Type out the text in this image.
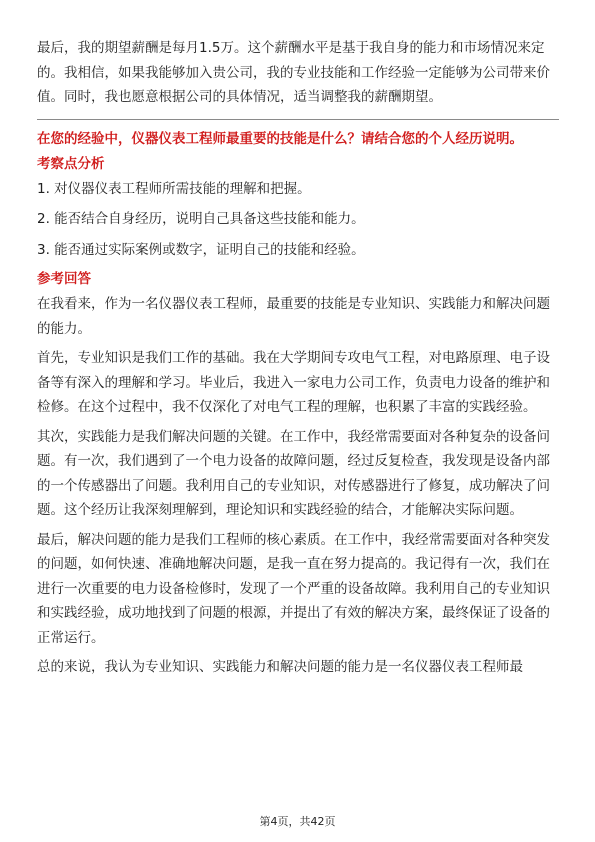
最后，我的期望薪酬是每月1.5万。这个薪酬水平是基于我自身的能力和市场情况来定的。我相信，如果我能够加入贵公司，我的专业技能和工作经验一定能够为公司带来价值。同时，我也愿意根据公司的具体情况，适当调整我的薪酬期望。

在您的经验中，仪器仪表工程师最重要的技能是什么？请结合您的个人经历说明。

考察点分析

1. 对仪器仪表工程师所需技能的理解和把握。

2. 能否结合自身经历，说明自己具备这些技能和能力。

3. 能否通过实际案例或数字，证明自己的技能和经验。

参考回答

在我看来，作为一名仪器仪表工程师，最重要的技能是专业知识、实践能力和解决问题的能力。

首先，专业知识是我们工作的基础。我在大学期间专攻电气工程，对电路原理、电子设备等有深入的理解和学习。毕业后，我进入一家电力公司工作，负责电力设备的维护和检修。在这个过程中，我不仅深化了对电气工程的理解，也积累了丰富的实践经验。

其次，实践能力是我们解决问题的关键。在工作中，我经常需要面对各种复杂的设备问题。有一次，我们遇到了一个电力设备的故障问题，经过反复检查，我发现是设备内部的一个传感器出了问题。我利用自己的专业知识，对传感器进行了修复，成功解决了问题。这个经历让我深刻理解到，理论知识和实践经验的结合，才能解决实际问题。

最后，解决问题的能力是我们工程师的核心素质。在工作中，我经常需要面对各种突发的问题，如何快速、准确地解决问题，是我一直在努力提高的。我记得有一次，我们在进行一次重要的电力设备检修时，发现了一个严重的设备故障。我利用自己的专业知识和实践经验，成功地找到了问题的根源，并提出了有效的解决方案，最终保证了设备的正常运行。

总的来说，我认为专业知识、实践能力和解决问题的能力是一名仪器仪表工程师最

第4页，共42页
